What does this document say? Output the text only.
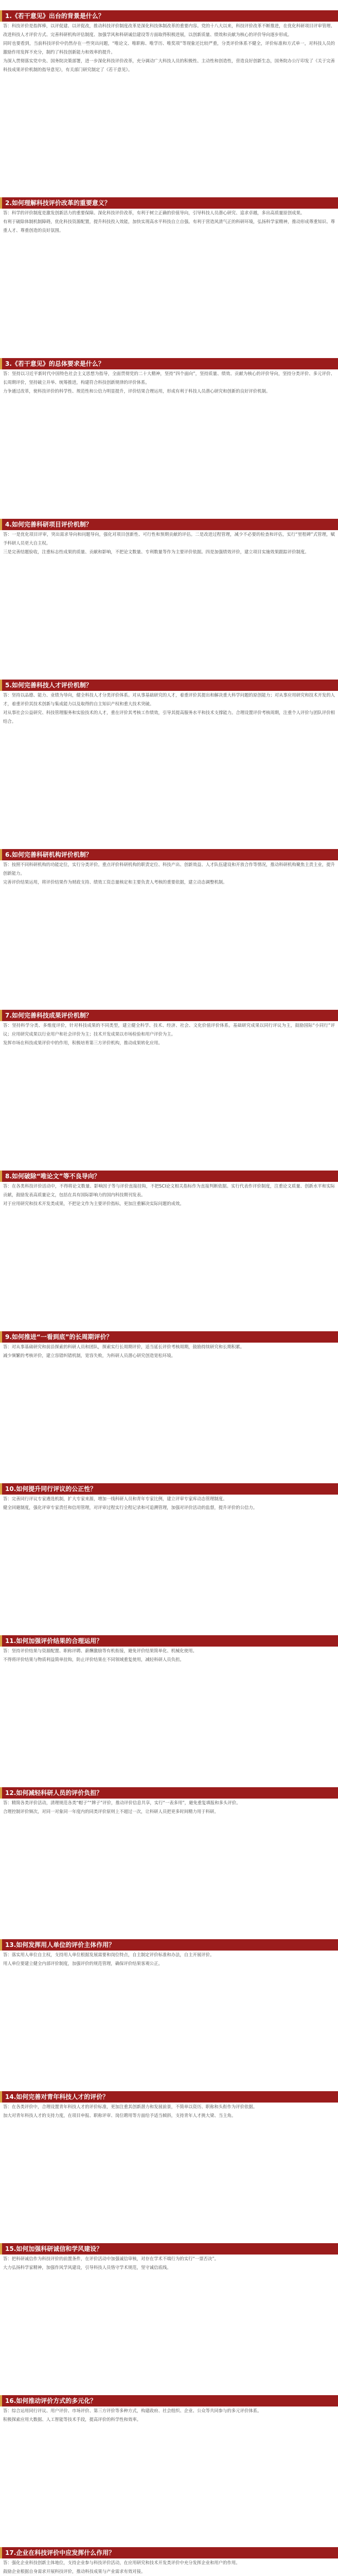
1.《若干意见》出台的背景是什么？

答：科技评价是指挥棒，以评促建、以评促改，推动科技评价制度改革是深化科技体制改革的重要内容。党的十八大以来，科技评价改革不断推进，在优化科研项目评审管理、改进科技人才评价方式、完善科研机构评估制度、加强学风和科研诚信建设等方面取得积极进展，以创新质量、绩效和贡献为核心的评价导向逐步形成。

同时也要看到，当前科技评价中仍然存在一些突出问题，“唯论文、唯职称、唯学历、唯奖项”等现象还比较严重，分类评价体系不健全，评价标准和方式单一，对科技人员的激励作用发挥不充分，制约了科技创新能力和效率的提升。

为深入贯彻落实党中央、国务院决策部署，进一步深化科技评价改革，充分调动广大科技人员的积极性、主动性和创造性，营造良好创新生态，国务院办公厅印发了《关于完善科技成果评价机制的指导意见》，有关部门研究制定了《若干意见》。

2.如何理解科技评价改革的重要意义？

答：科学的评价制度是激发创新活力的重要保障。深化科技评价改革，有利于树立正确的价值导向，引导科技人员潜心研究、追求卓越，多出高质量原创成果。

有利于破除体制机制障碍，优化科技资源配置，提升科技投入效能，加快实现高水平科技自立自强。有利于营造风清气正的科研环境，弘扬科学家精神，推动形成尊重知识、尊重人才、尊重创造的良好氛围。

3.《若干意见》的总体要求是什么？

答：坚持以习近平新时代中国特色社会主义思想为指导，全面贯彻党的二十大精神，坚持“四个面向”，坚持质量、绩效、贡献为核心的评价导向，坚持分类评价、多元评价、长周期评价，坚持破立并举、统筹推进，构建符合科技创新规律的评价体系。

力争通过改革，使科技评价的科学性、规范性和公信力明显提升，评价结果合理运用，形成有利于科技人员潜心研究和创新的良好评价机制。

4.如何完善科研项目评价机制？

答：一是优化项目评审，突出需求导向和问题导向，强化对项目创新性、可行性和预期贡献的评估。二是改进过程管理，减少不必要的检查和评估，实行“里程碑”式管理，赋予科研人员更大自主权。

三是完善结题验收，注重标志性成果的质量、贡献和影响，不把论文数量、专利数量等作为主要评价依据。四是加强绩效评价，建立项目实施效果跟踪评价制度。

5.如何完善科技人才评价机制？

答：坚持以品德、能力、业绩为导向，健全科技人才分类评价体系。对从事基础研究的人才，着重评价其提出和解决重大科学问题的原创能力；对从事应用研究和技术开发的人才，着重评价其技术创新与集成能力以及取得的自主知识产权和重大技术突破。

对从事社会公益研究、科技管理服务和实验技术的人才，重在评价其考核工作绩效，引导其提高服务水平和技术支撑能力。合理设置评价考核周期，注重个人评价与团队评价相结合。

6.如何完善科研机构评价机制？

答：按照不同科研机构的功能定位，实行分类评价。重点评价科研机构的职责定位、科技产出、创新效益、人才队伍建设和开放合作等情况，推动科研机构聚焦主责主业，提升创新能力。

完善评价结果运用，将评价结果作为财政支持、绩效工资总量核定和主要负责人考核的重要依据，建立动态调整机制。

7.如何完善科技成果评价机制？

答：坚持科学分类、多维度评价，针对科技成果的不同类型，建立健全科学、技术、经济、社会、文化价值评价体系。基础研究成果以同行评议为主，鼓励国际“小同行”评议；应用研究成果以行业用户和社会评价为主；技术开发成果以市场检验和用户评价为主。

发挥市场在科技成果评价中的作用，积极培育第三方评价机构，推动成果转化应用。

8.如何破除“唯论文”等不良导向？

答：在各类科技评价活动中，不得将论文数量、影响因子等与评价直接挂钩，不把SCI论文相关指标作为直接判断依据。实行代表作评价制度，注重论文质量、创新水平和实际贡献，鼓励发表高质量论文，包括在具有国际影响力的国内科技期刊发表。

对于应用研究和技术开发类成果，不把论文作为主要评价指标，更加注重解决实际问题的成效。

9.如何推进“一看到底”的长周期评价？

答：对从事基础研究和前沿探索的科研人员和团队，探索实行长周期评价，适当延长评价考核周期，鼓励持续研究和长期积累。

减少频繁的考核评价，建立容错纠错机制，宽容失败，为科研人员潜心研究创造宽松环境。

10.如何提升同行评议的公正性？

答：完善同行评议专家遴选机制，扩大专家来源，增加一线科研人员和青年专家比例，建立评审专家库动态管理制度。

健全回避制度，强化评审专家责任和信用管理，对评审过程实行全程记录和可追溯管理，加强对评价活动的监督，提升评价的公信力。

11.如何加强评价结果的合理运用？

答：坚持评价结果与资源配置、职称评聘、薪酬激励等有机衔接，避免评价结果简单化、机械化使用。

不得将评价结果与物质利益简单挂钩，防止评价结果在不同领域重复使用，减轻科研人员负担。

12.如何减轻科研人员的评价负担？

答：精简各类评价活动，清理规范各类“帽子”“牌子”评价，推动评价信息共享，实行“一表多用”，避免重复填报和多头评价。

合理控制评价频次，对同一对象同一年度内的同类评价原则上不超过一次，让科研人员把更多时间精力用于科研。

13.如何发挥用人单位的评价主体作用？

答：落实用人单位自主权，支持用人单位根据发展需要和岗位特点，自主制定评价标准和办法，自主开展评价。

用人单位要建立健全内部评价制度，加强评价的规范管理，确保评价结果客观公正。

14.如何完善对青年科技人才的评价？

答：在各类评价中，合理设置青年科技人才的评价标准，更加注重其创新潜力和发展前景，不简单以资历、职称和头衔作为评价依据。

加大对青年科技人才的支持力度，在项目申报、职称评审、岗位聘用等方面给予适当倾斜，支持青年人才挑大梁、当主角。

15.如何加强科研诚信和学风建设？

答：把科研诚信作为科技评价的前置条件，在评价活动中加强诚信审核，对存在学术不端行为的实行“一票否决”。

大力弘扬科学家精神，加强作风学风建设，引导科技人员恪守学术规范，坚守诚信底线。

16.如何推动评价方式的多元化？

答：综合运用同行评议、用户评价、市场评价、第三方评价等多种方式，构建政府、社会组织、企业、公众等共同参与的多元评价体系。

积极探索应用大数据、人工智能等技术手段，提高评价的科学性和效率。

17.企业在科技评价中应发挥什么作用？

答：强化企业科技创新主体地位，支持企业参与科技评价活动，在应用研究和技术开发类评价中充分发挥企业和用户的作用。

鼓励企业根据自身需求开展科技评价，推动科技成果与产业需求有效对接。
